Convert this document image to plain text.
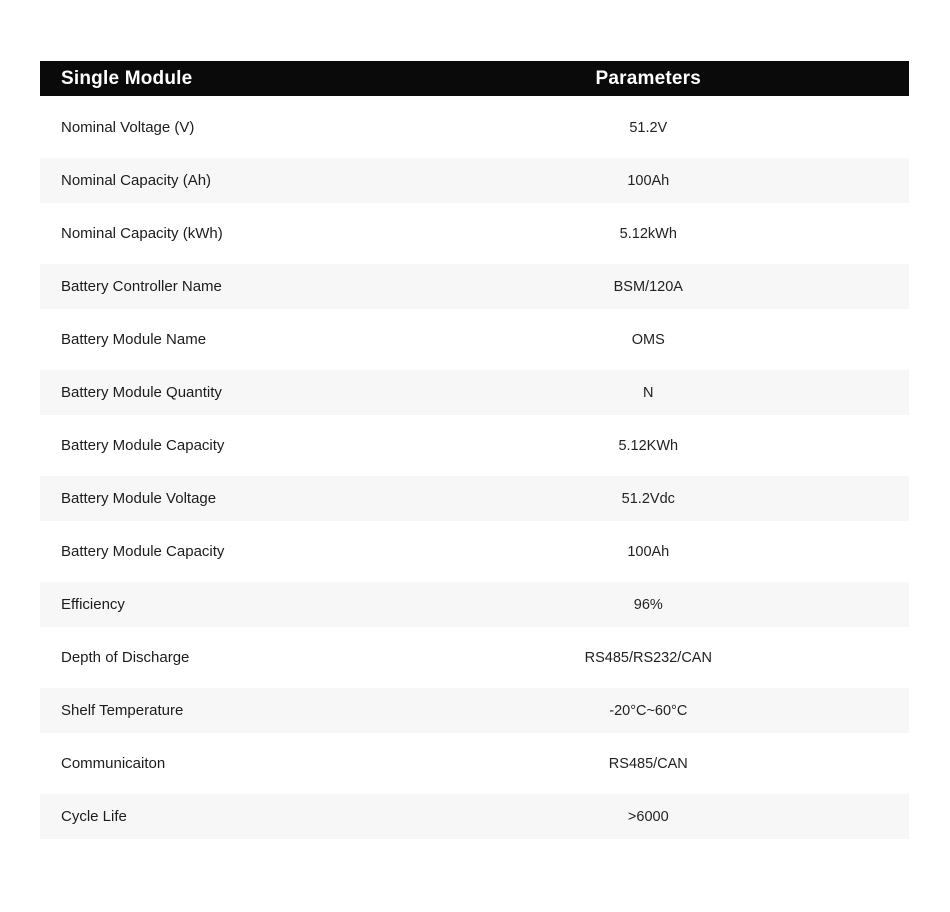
Single Module	Parameters
Nominal Voltage (V)	51.2V
Nominal Capacity (Ah)	100Ah
Nominal Capacity (kWh)	5.12kWh
Battery Controller Name	BSM/120A
Battery Module Name	OMS
Battery Module Quantity	N
Battery Module Capacity	5.12KWh
Battery Module Voltage	51.2Vdc
Battery Module Capacity	100Ah
Efficiency	96%
Depth of Discharge	RS485/RS232/CAN
Shelf Temperature	-20°C~60°C
Communicaiton	RS485/CAN
Cycle Life	>6000
